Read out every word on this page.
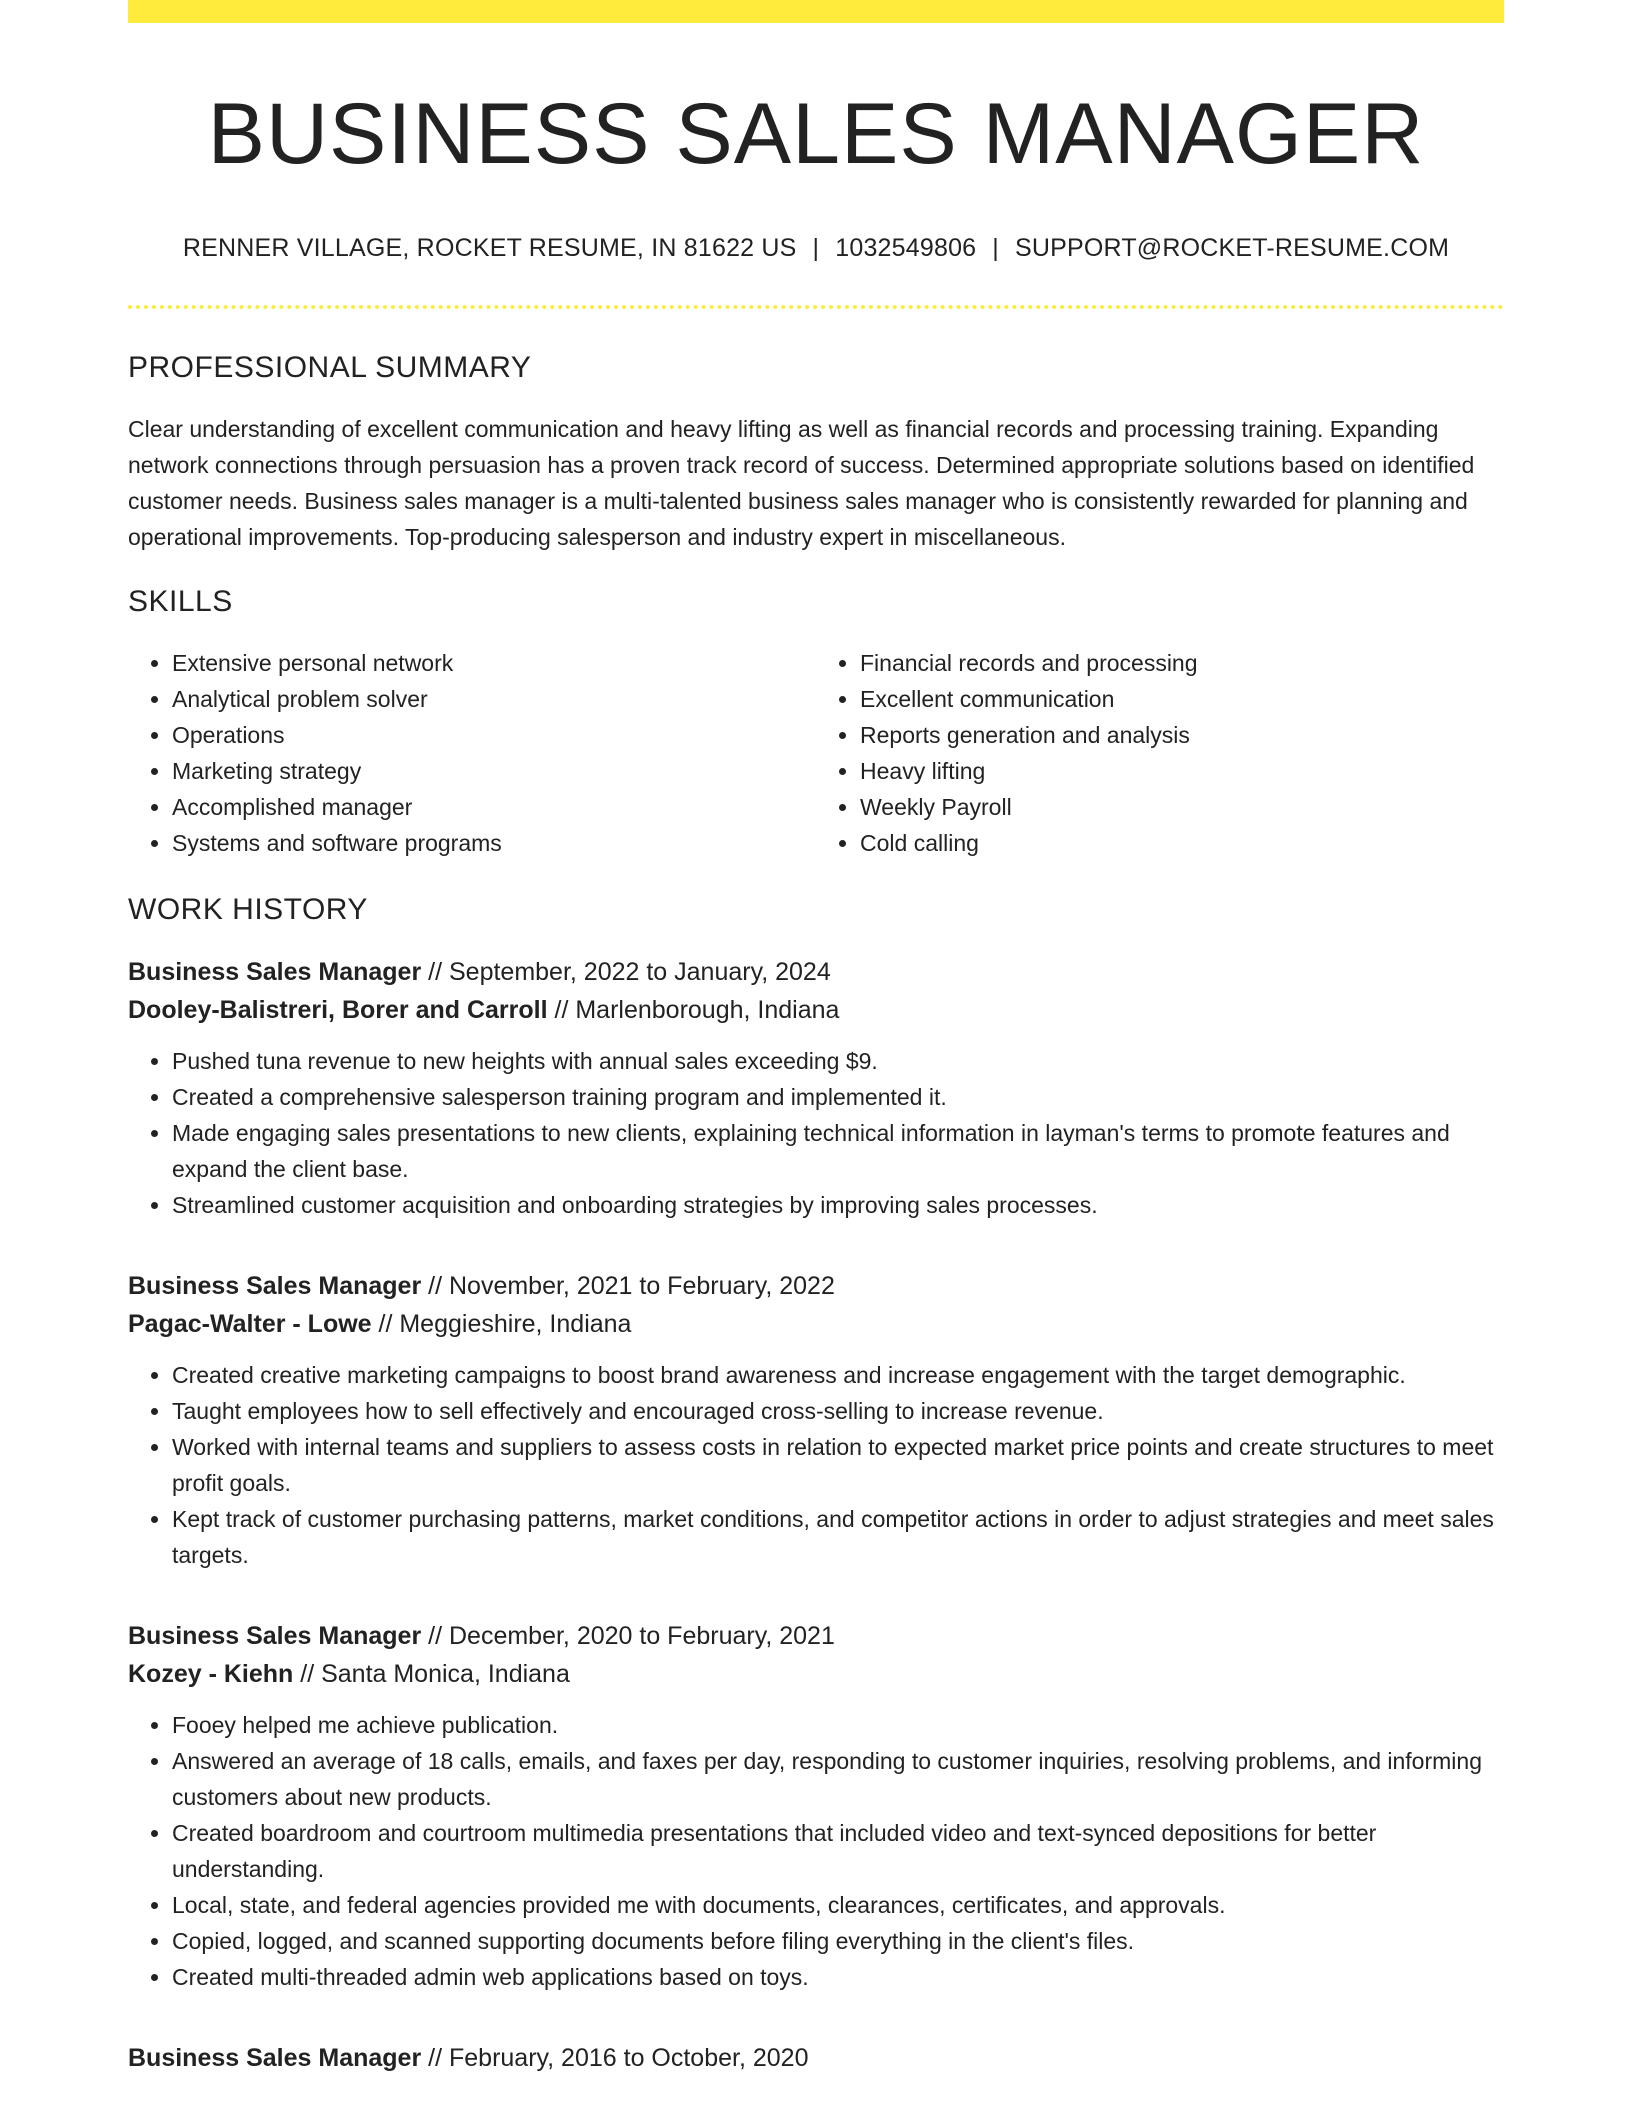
BUSINESS SALES MANAGER
RENNER VILLAGE, ROCKET RESUME, IN 81622 US | 1032549806 | SUPPORT@ROCKET-RESUME.COM
PROFESSIONAL SUMMARY
Clear understanding of excellent communication and heavy lifting as well as financial records and processing training. Expanding network connections through persuasion has a proven track record of success. Determined appropriate solutions based on identified customer needs. Business sales manager is a multi-talented business sales manager who is consistently rewarded for planning and operational improvements. Top-producing salesperson and industry expert in miscellaneous.
SKILLS
• Extensive personal network
• Analytical problem solver
• Operations
• Marketing strategy
• Accomplished manager
• Systems and software programs
• Financial records and processing
• Excellent communication
• Reports generation and analysis
• Heavy lifting
• Weekly Payroll
• Cold calling
WORK HISTORY
Business Sales Manager // September, 2022 to January, 2024
Dooley-Balistreri, Borer and Carroll // Marlenborough, Indiana
• Pushed tuna revenue to new heights with annual sales exceeding $9.
• Created a comprehensive salesperson training program and implemented it.
• Made engaging sales presentations to new clients, explaining technical information in layman's terms to promote features and expand the client base.
• Streamlined customer acquisition and onboarding strategies by improving sales processes.
Business Sales Manager // November, 2021 to February, 2022
Pagac-Walter - Lowe // Meggieshire, Indiana
• Created creative marketing campaigns to boost brand awareness and increase engagement with the target demographic.
• Taught employees how to sell effectively and encouraged cross-selling to increase revenue.
• Worked with internal teams and suppliers to assess costs in relation to expected market price points and create structures to meet profit goals.
• Kept track of customer purchasing patterns, market conditions, and competitor actions in order to adjust strategies and meet sales targets.
Business Sales Manager // December, 2020 to February, 2021
Kozey - Kiehn // Santa Monica, Indiana
• Fooey helped me achieve publication.
• Answered an average of 18 calls, emails, and faxes per day, responding to customer inquiries, resolving problems, and informing customers about new products.
• Created boardroom and courtroom multimedia presentations that included video and text-synced depositions for better understanding.
• Local, state, and federal agencies provided me with documents, clearances, certificates, and approvals.
• Copied, logged, and scanned supporting documents before filing everything in the client's files.
• Created multi-threaded admin web applications based on toys.
Business Sales Manager // February, 2016 to October, 2020
